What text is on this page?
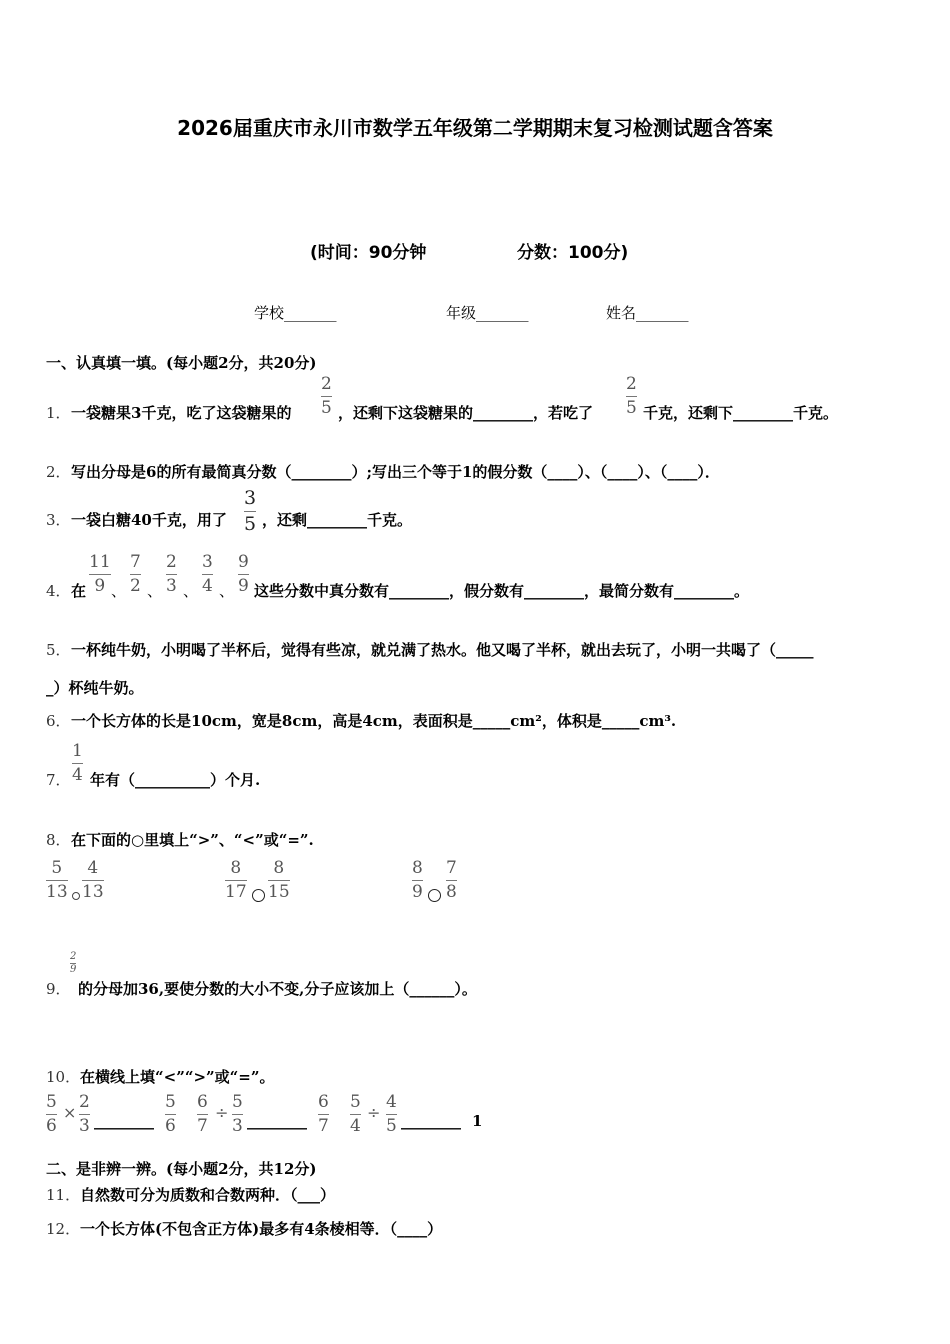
2026届重庆市永川市数学五年级第二学期期末复习检测试题含答案
(时间：90分钟	分数：100分)
学校_______	年级_______	姓名_______
一、认真填一填。(每小题2分，共20分)
1． 一袋糖果3千克，吃了这袋糖果的
2
5 ，还剩下这袋糖果的________，若吃了
2
5 千克，还剩下________千克。
2． 写出分母是6的所有最简真分数（________）;写出三个等于1的假分数（____）、（____）、（____）．
3． 一袋白糖40千克，用了
3
5 ，还剩________千克。
4． 在
11
9 、
7
2 、
2
3 、
3
4 、
9
9 这些分数中真分数有________，假分数有________，最简分数有________。
5． 一杯纯牛奶，小明喝了半杯后，觉得有些凉，就兑满了热水。他又喝了半杯，就出去玩了，小明一共喝了（_____
_）杯纯牛奶。
6． 一个长方体的长是10cm，宽是8cm，高是4cm，表面积是_____cm²，体积是_____cm³.
7．
1
4 年有（__________）个月.
8． 在下面的○里填上“>”、“<”或“=”.
5
13
4
13
8
17
8
15
8
9
7
8
9．
2
9
的分母加36,要使分数的大小不变,分子应该加上（______）。
10． 在横线上填“<”“>”或“=”。
5
6
×
2
3 ________
5
6
6
7
÷
5
3 ________
6
7
5
4
÷
4
5 ________ 1
二、是非辨一辨。(每小题2分，共12分)
11． 自然数可分为质数和合数两种．（___）
12． 一个长方体(不包含正方体)最多有4条棱相等．（____）
